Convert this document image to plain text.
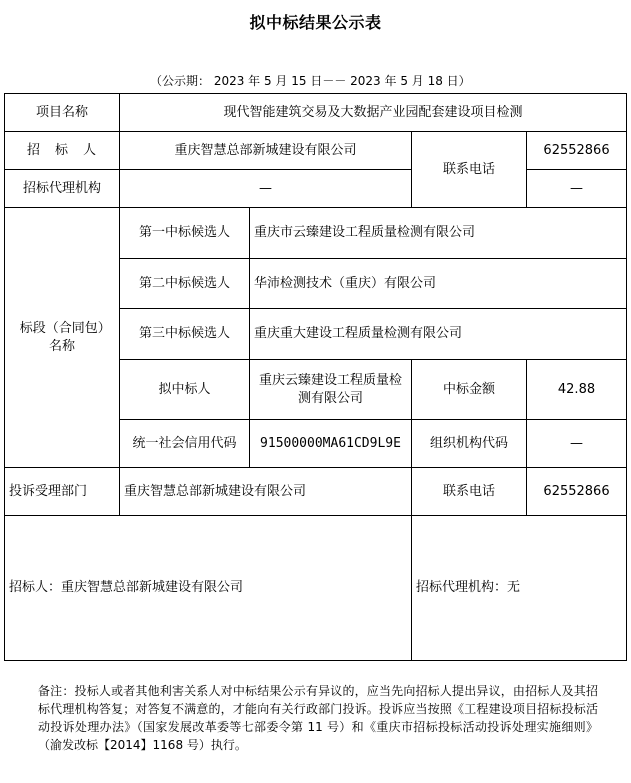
拟中标结果公示表
（公示期： 2023 年 5 月 15 日－－ 2023 年 5 月 18 日）
项目名称	现代智能建筑交易及大数据产业园配套建设项目检测			
招　标　人	重庆智慧总部新城建设有限公司		联系电话	62552866
招标代理机构	—			—
标段（合同包）名称	第一中标候选人	重庆市云臻建设工程质量检测有限公司		
	第二中标候选人	华沛检测技术（重庆）有限公司		
	第三中标候选人	重庆重大建设工程质量检测有限公司		
	拟中标人	重庆云臻建设工程质量检测有限公司	中标金额	42.88
	统一社会信用代码	91500000MA61CD9L9E	组织机构代码	—
投诉受理部门	重庆智慧总部新城建设有限公司		联系电话	62552866
招标人：重庆智慧总部新城建设有限公司			招标代理机构：无	
备注：投标人或者其他利害关系人对中标结果公示有异议的，应当先向招标人提出异议，由招标人及其招标代理机构答复；对答复不满意的，才能向有关行政部门投诉。投诉应当按照《工程建设项目招标投标活动投诉处理办法》（国家发展改革委等七部委令第 11 号）和《重庆市招标投标活动投诉处理实施细则》（渝发改标【2014】1168 号）执行。
